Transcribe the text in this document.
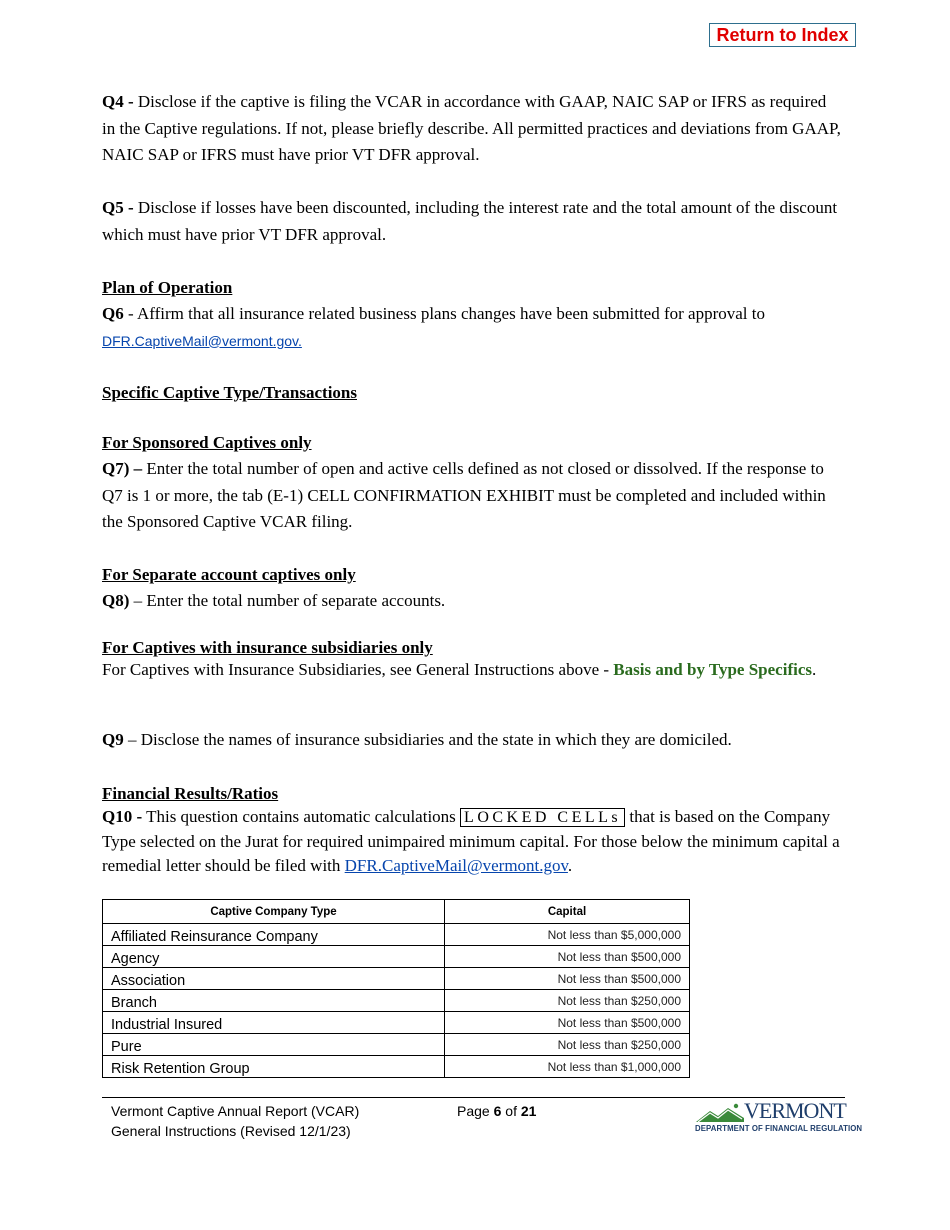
Return to Index

Q4 - Disclose if the captive is filing the VCAR in accordance with GAAP, NAIC SAP or IFRS as required in the Captive regulations. If not, please briefly describe. All permitted practices and deviations from GAAP, NAIC SAP or IFRS must have prior VT DFR approval.

Q5 - Disclose if losses have been discounted, including the interest rate and the total amount of the discount which must have prior VT DFR approval.

Plan of Operation

Q6 - Affirm that all insurance related business plans changes have been submitted for approval to DFR.CaptiveMail@vermont.gov.

Specific Captive Type/Transactions

For Sponsored Captives only

Q7) – Enter the total number of open and active cells defined as not closed or dissolved. If the response to Q7 is 1 or more, the tab (E-1) CELL CONFIRMATION EXHIBIT must be completed and included within the Sponsored Captive VCAR filing.

For Separate account captives only

Q8) – Enter the total number of separate accounts.

For Captives with insurance subsidiaries only

For Captives with Insurance Subsidiaries, see General Instructions above - Basis and by Type Specifics.

Q9 – Disclose the names of insurance subsidiaries and the state in which they are domiciled.

Financial Results/Ratios

Q10 - This question contains automatic calculations LOCKED CELLs that is based on the Company Type selected on the Jurat for required unimpaired minimum capital. For those below the minimum capital a remedial letter should be filed with DFR.CaptiveMail@vermont.gov.

Captive Company Type	Capital
Affiliated Reinsurance Company	Not less than $5,000,000
Agency	Not less than $500,000
Association	Not less than $500,000
Branch	Not less than $250,000
Industrial Insured	Not less than $500,000
Pure	Not less than $250,000
Risk Retention Group	Not less than $1,000,000
Vermont Captive Annual Report (VCAR)
General Instructions (Revised 12/1/23)
Page 6 of 21	VERMONT
DEPARTMENT OF FINANCIAL REGULATION
